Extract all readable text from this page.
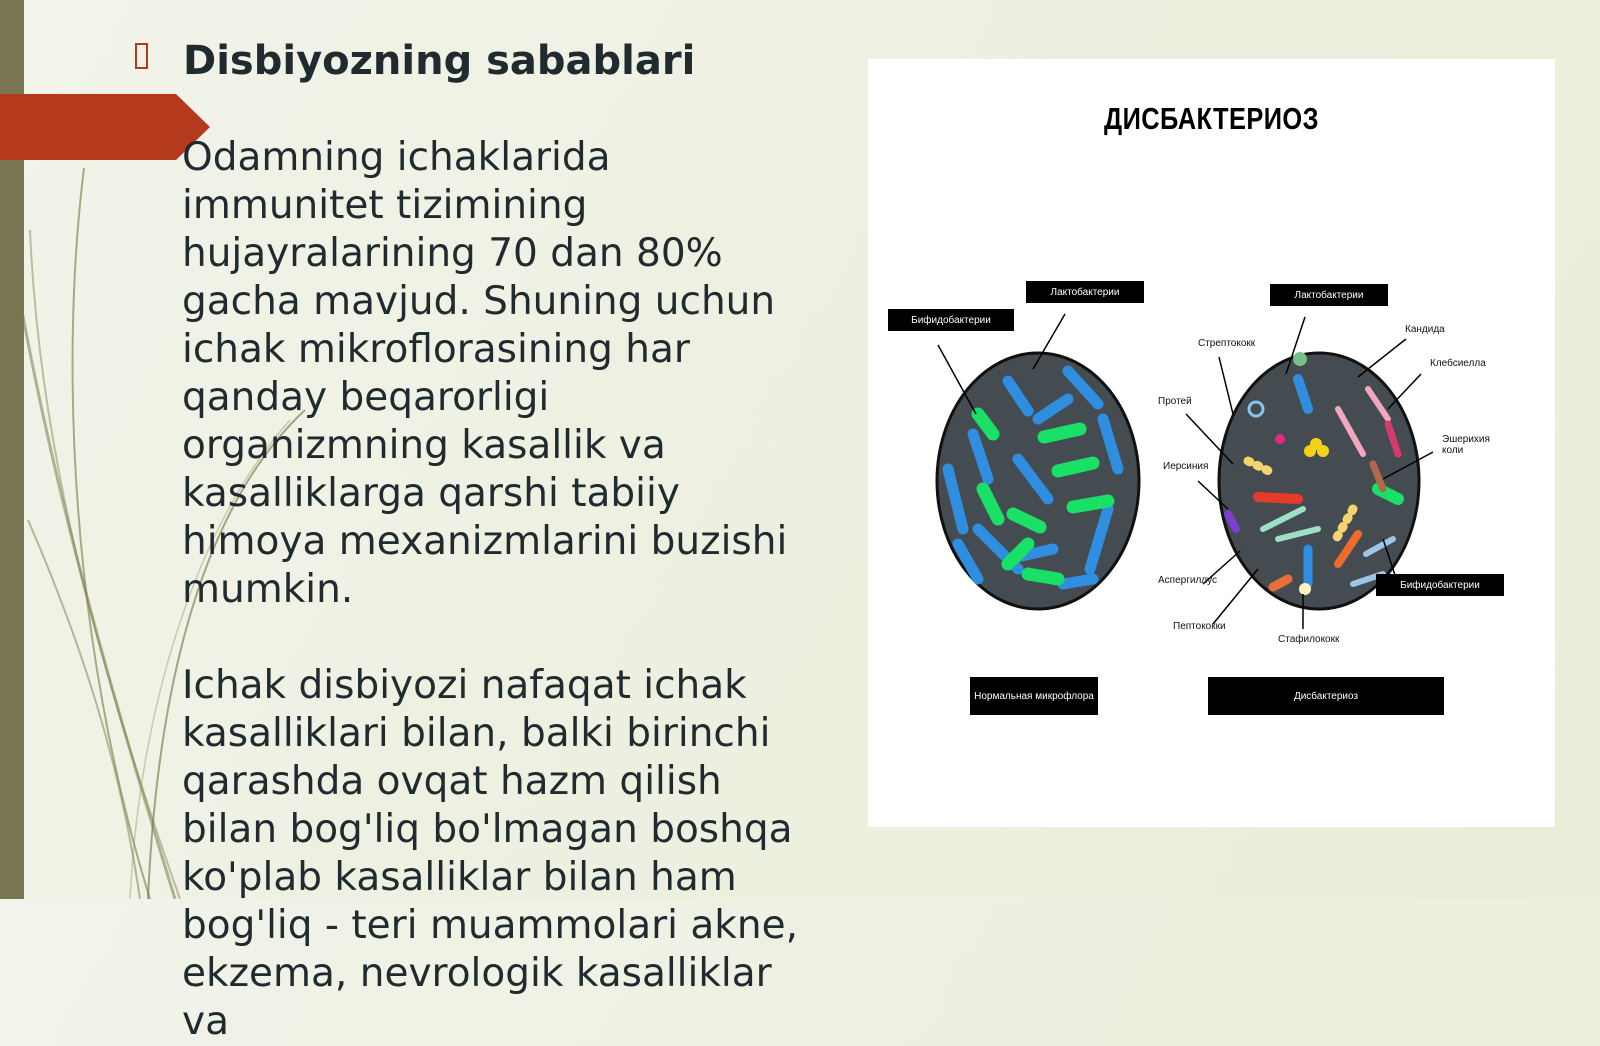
Disbiyozning sabablari

Odamning ichaklarida immunitet tizimining hujayralarining 70 dan 80% gacha mavjud. Shuning uchun ichak mikroflorasining har qanday beqarorligi organizmning kasallik va kasalliklarga qarshi tabiiy himoya mexanizmlarini buzishi mumkin.

Ichak disbiyozi nafaqat ichak kasalliklari bilan, balki birinchi qarashda ovqat hazm qilish bilan bog'liq bo'lmagan boshqa ko'plab kasalliklar bilan ham bog'liq - teri muammolari akne, ekzema, nevrologik kasalliklar va

ДИСБАКТЕРИОЗ
Лактобактерии
Бифидобактерии
Нормальная микрофлора
Лактобактерии
Стрептококк
Кандида
Клебсиелла
Протей
Эшерихия коли
Иерсиния
Аспергиллус	Бифидобактерии
Пептококки
Стафилококк
Дисбактериоз
